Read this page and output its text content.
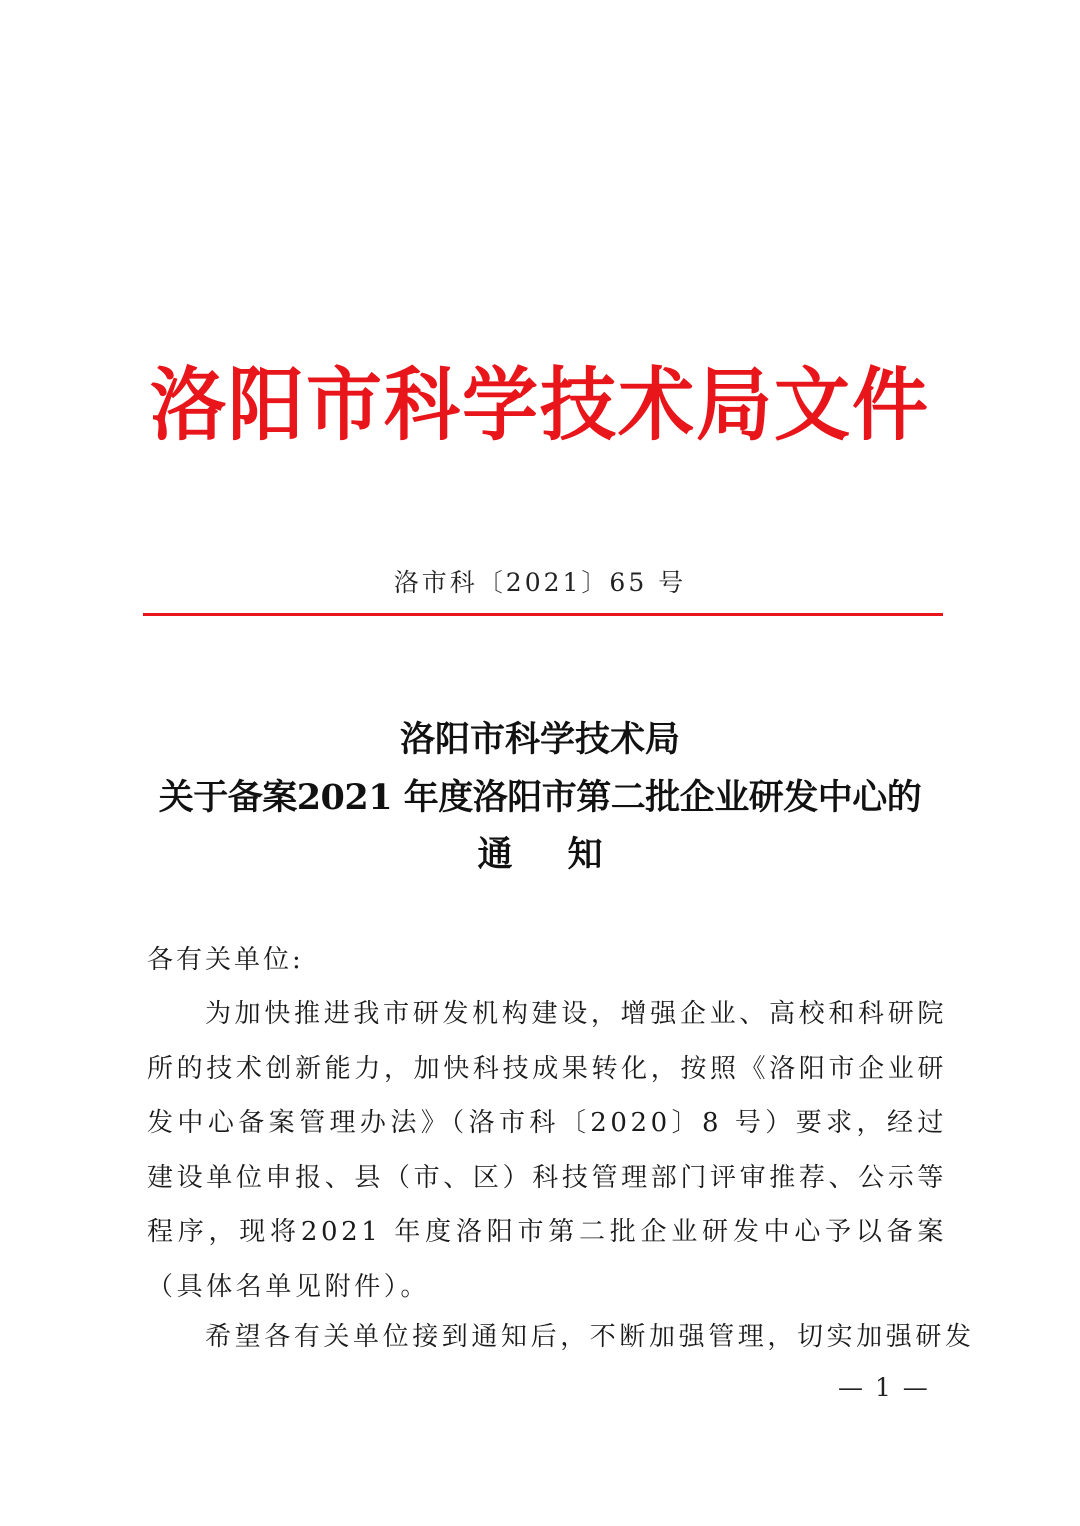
洛阳市科学技术局文件
洛市科〔2021〕65 号
洛阳市科学技术局
关于备案2021 年度洛阳市第二批企业研发中心的
通知
各有关单位:
为加快推进我市研发机构建设，增强企业、高校和科研院所的技术创新能力，加快科技成果转化，按照《洛阳市企业研发中心备案管理办法》（洛市科〔2020〕8 号）要求，经过建设单位申报、县（市、区）科技管理部门评审推荐、公示等程序，现将2021 年度洛阳市第二批企业研发中心予以备案（具体名单见附件）。
希望各有关单位接到通知后，不断加强管理，切实加强研发
— 1 —
